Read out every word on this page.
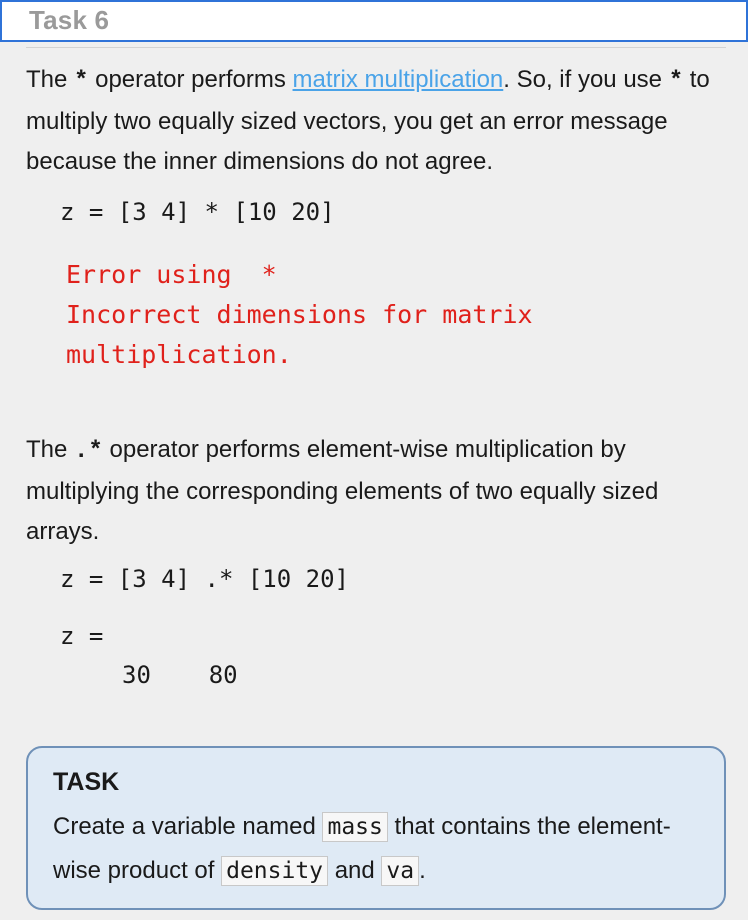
Task 6
The * operator performs matrix multiplication. So, if you use * to multiply two equally sized vectors, you get an error message because the inner dimensions do not agree.
z = [3 4] * [10 20]
Error using  *
Incorrect dimensions for matrix
multiplication.
The .* operator performs element-wise multiplication by multiplying the corresponding elements of two equally sized arrays.
z = [3 4] .* [10 20]
z =
30    80
TASK
Create a variable named mass that contains the element-wise product of density and va .
